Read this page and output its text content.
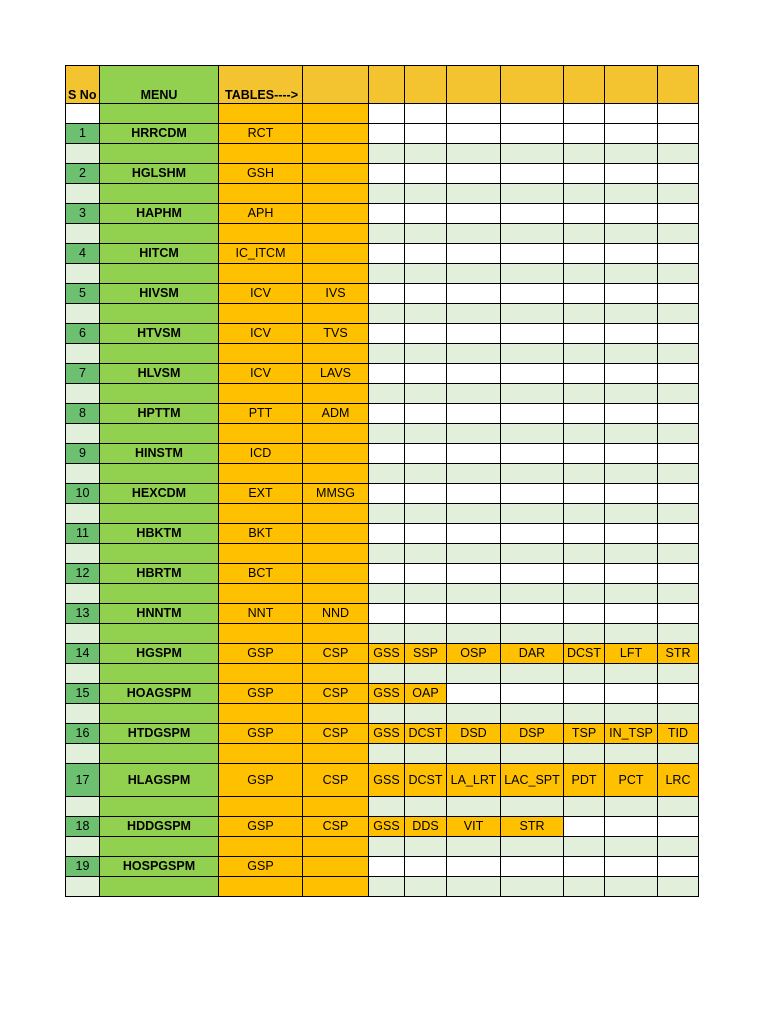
S No	MENU	TABLES---->								

1	HRRCDM	RCT								

2	HGLSHM	GSH								

3	HAPHM	APH								

4	HITCM	IC_ITCM								

5	HIVSM	ICV	IVS							

6	HTVSM	ICV	TVS							

7	HLVSM	ICV	LAVS							

8	HPTTM	PTT	ADM							

9	HINSTM	ICD								

10	HEXCDM	EXT	MMSG							

11	HBKTM	BKT								

12	HBRTM	BCT								

13	HNNTM	NNT	NND							

14	HGSPM	GSP	CSP	GSS	SSP	OSP	DAR	DCST	LFT	STR

15	HOAGSPM	GSP	CSP	GSS	OAP					

16	HTDGSPM	GSP	CSP	GSS	DCST	DSD	DSP	TSP	IN_TSP	TID

17	HLAGSPM	GSP	CSP	GSS	DCST	LA_LRT	LAC_SPT	PDT	PCT	LRC

18	HDDGSPM	GSP	CSP	GSS	DDS	VIT	STR			

19	HOSPGSPM	GSP								
